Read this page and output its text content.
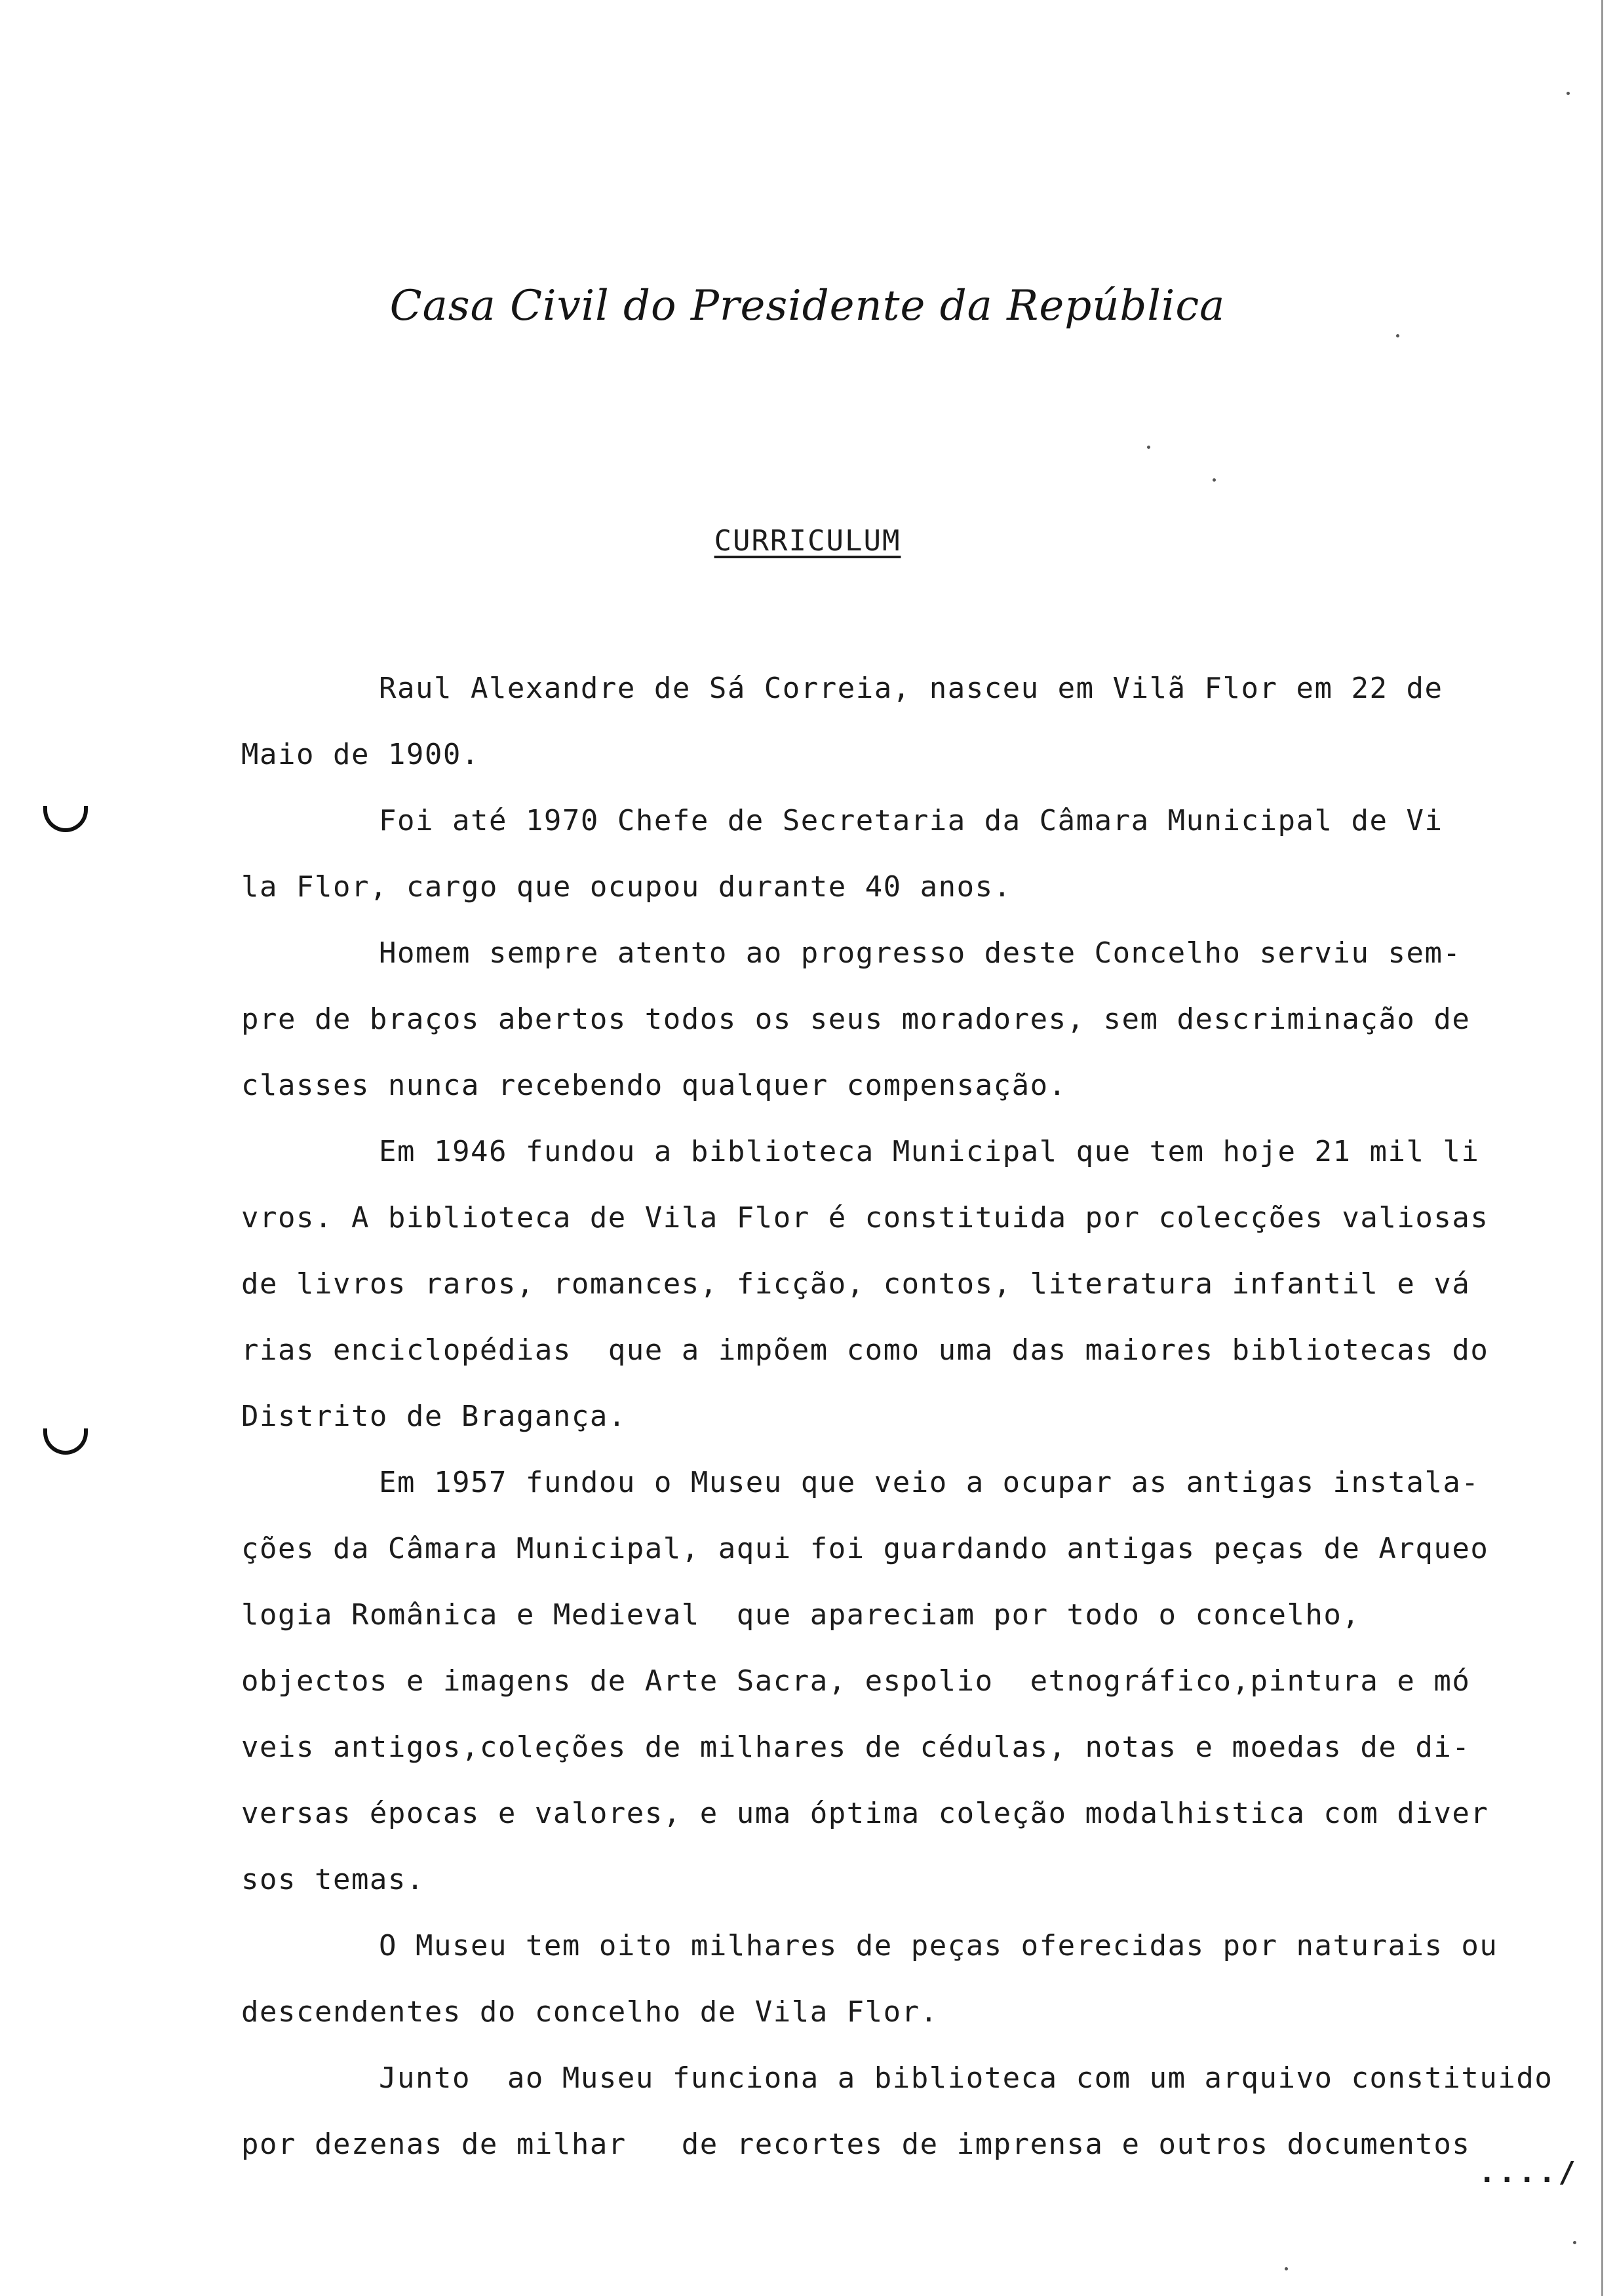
Casa Civil do Presidente da República
CURRICULUM
Raul Alexandre de Sá Correia, nasceu em Vilã Flor em 22 de
Maio de 1900.
Foi até 1970 Chefe de Secretaria da Câmara Municipal de Vi
la Flor, cargo que ocupou durante 40 anos.
Homem sempre atento ao progresso deste Concelho serviu sem-
pre de braços abertos todos os seus moradores, sem descriminação de
classes nunca recebendo qualquer compensação.
Em 1946 fundou a biblioteca Municipal que tem hoje 21 mil li
vros. A biblioteca de Vila Flor é constituida por colecções valiosas
de livros raros, romances, ficção, contos, literatura infantil e vá
rias enciclopédias  que a impõem como uma das maiores bibliotecas do
Distrito de Bragança.
Em 1957 fundou o Museu que veio a ocupar as antigas instala-
ções da Câmara Municipal, aqui foi guardando antigas peças de Arqueo
logia Românica e Medieval  que apareciam por todo o concelho,
objectos e imagens de Arte Sacra, espolio  etnográfico,pintura e mó
veis antigos,coleções de milhares de cédulas, notas e moedas de di-
versas épocas e valores, e uma óptima coleção modalhistica com diver
sos temas.
O Museu tem oito milhares de peças oferecidas por naturais ou
descendentes do concelho de Vila Flor.
Junto  ao Museu funciona a biblioteca com um arquivo constituido
por dezenas de milhar   de recortes de imprensa e outros documentos
..../
